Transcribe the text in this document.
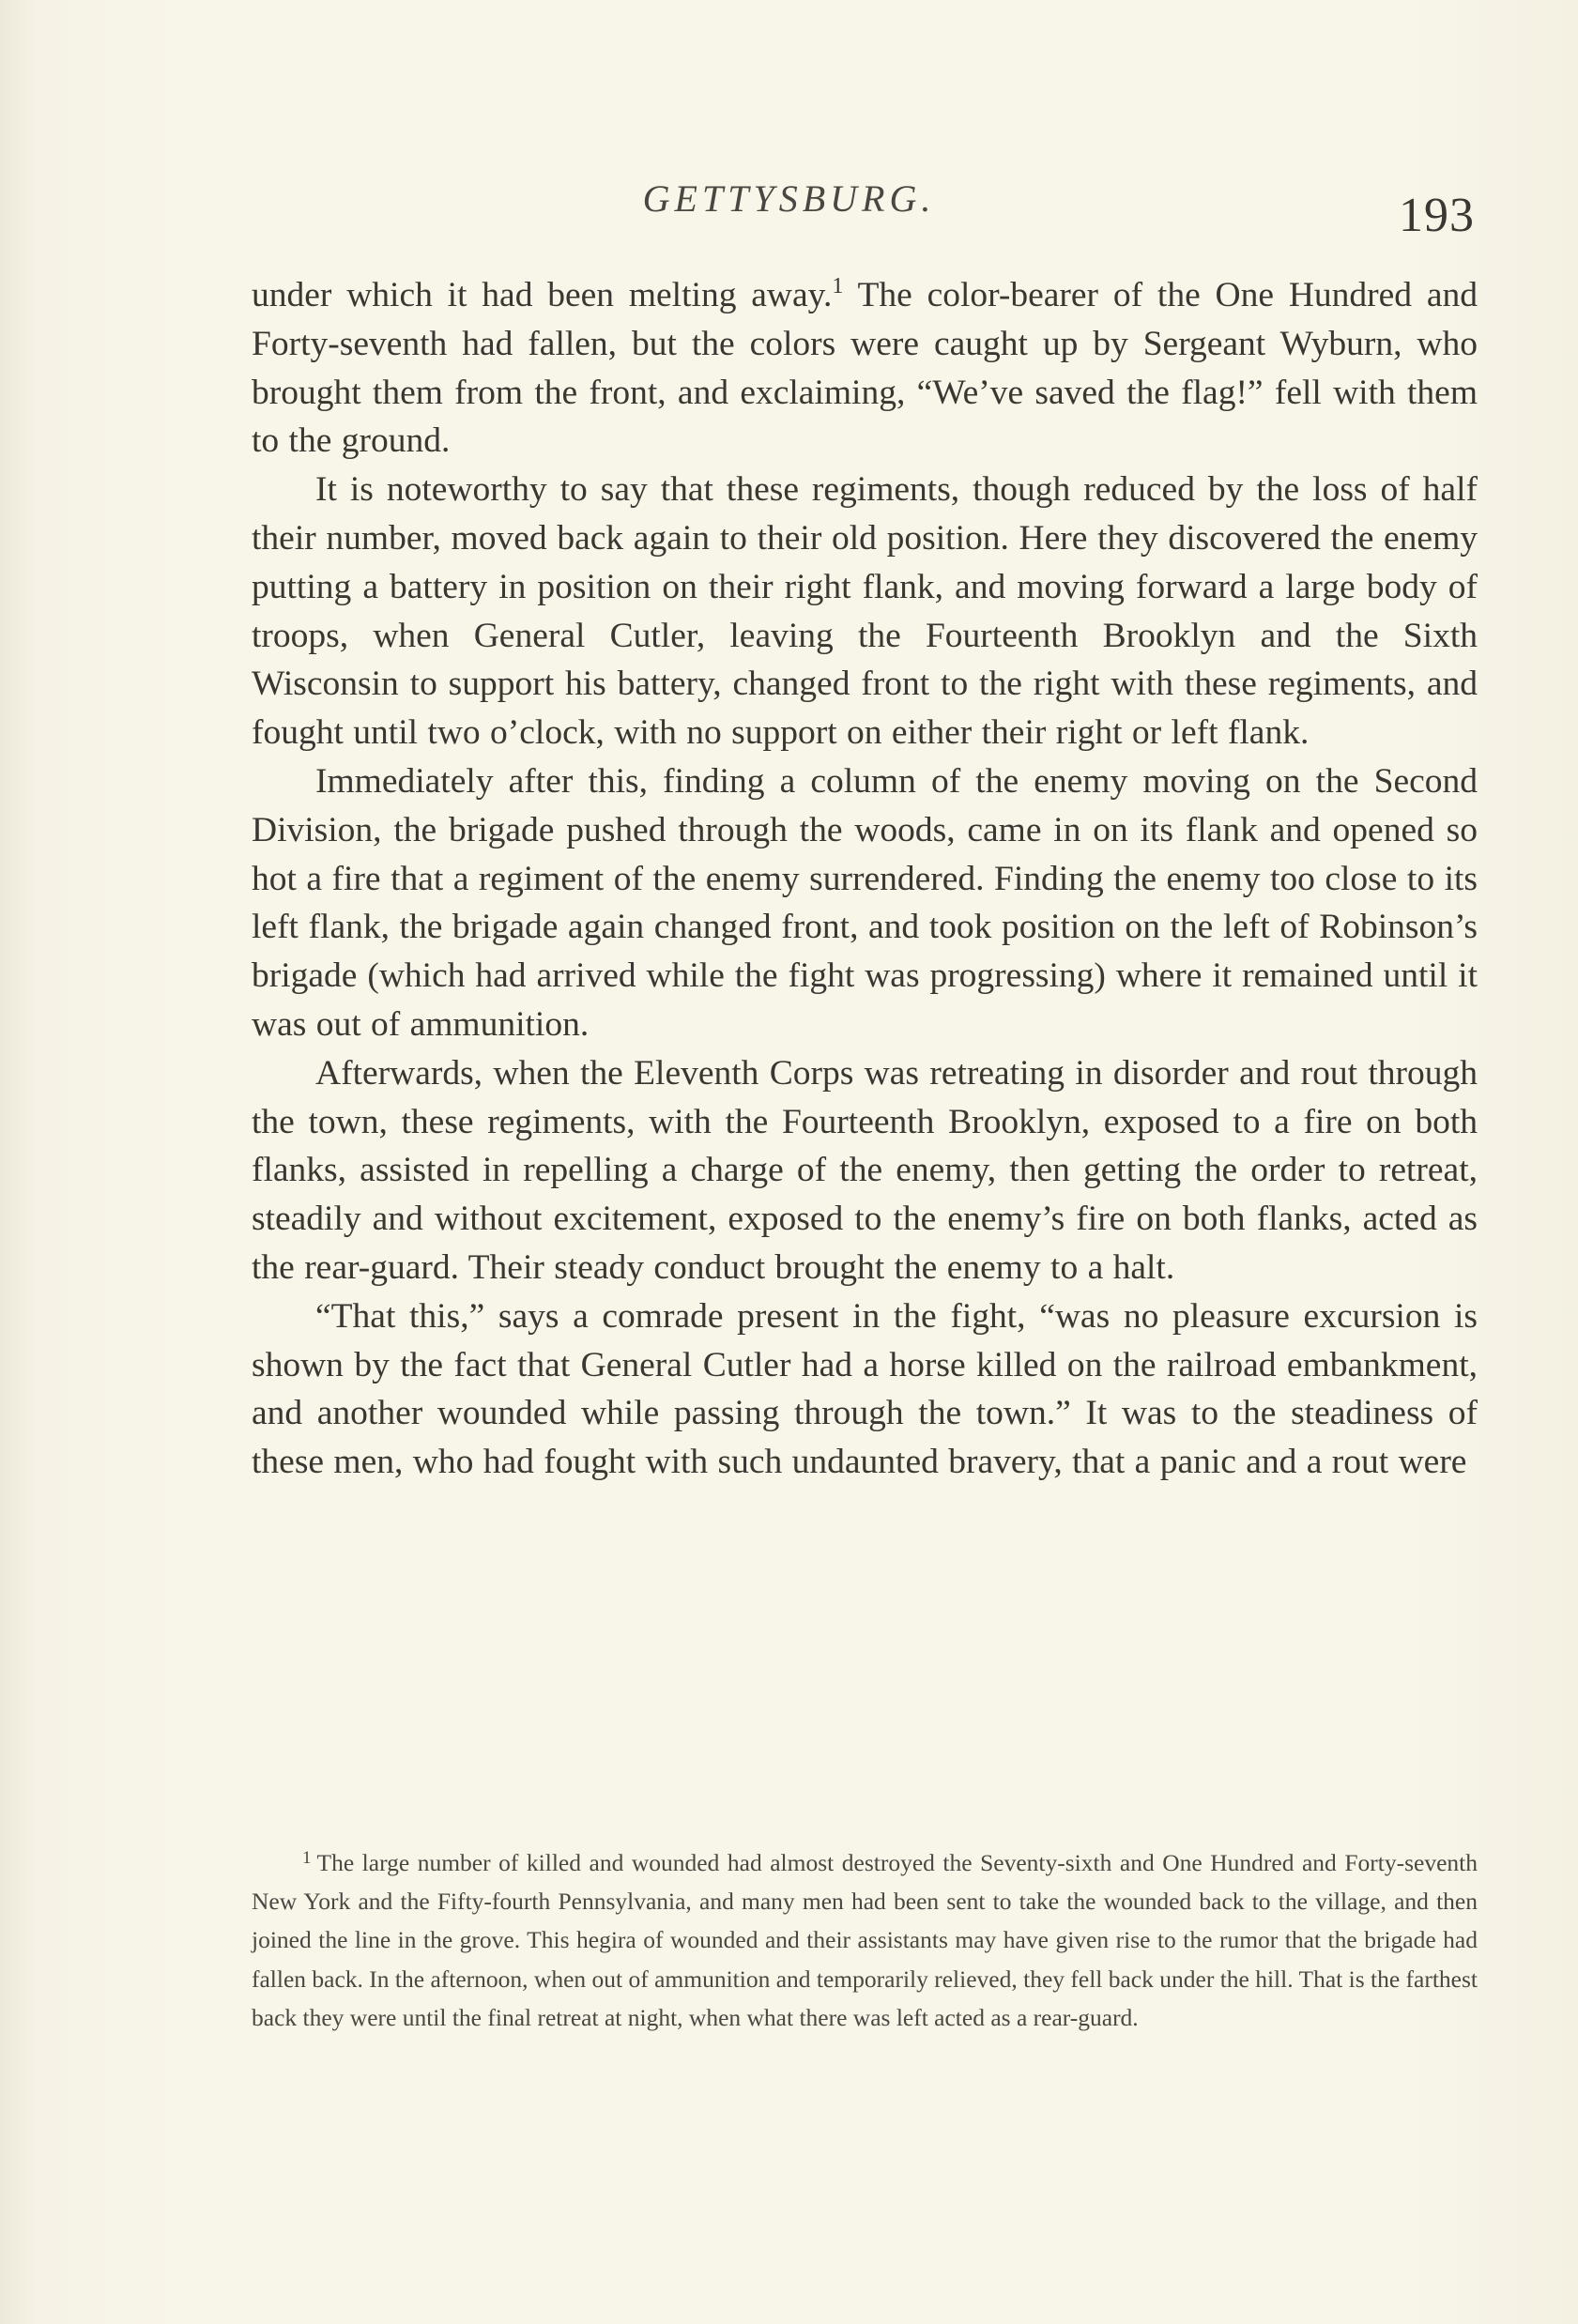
GETTYSBURG.	193

under which it had been melting away.$^1$ The color-bearer of the One Hundred and Forty-seventh had fallen, but the colors were caught up by Sergeant Wyburn, who brought them from the front, and exclaiming, “We’ve saved the flag!” fell with them to the ground.

It is noteworthy to say that these regiments, though reduced by the loss of half their number, moved back again to their old position. Here they discovered the enemy putting a battery in position on their right flank, and moving forward a large body of troops, when General Cutler, leaving the Fourteenth Brooklyn and the Sixth Wisconsin to support his battery, changed front to the right with these regiments, and fought until two o’clock, with no support on either their right or left flank.

Immediately after this, finding a column of the enemy moving on the Second Division, the brigade pushed through the woods, came in on its flank and opened so hot a fire that a regiment of the enemy surrendered. Finding the enemy too close to its left flank, the brigade again changed front, and took position on the left of Robinson’s brigade (which had arrived while the fight was progressing) where it remained until it was out of ammunition.

Afterwards, when the Eleventh Corps was retreating in disorder and rout through the town, these regiments, with the Fourteenth Brooklyn, exposed to a fire on both flanks, assisted in repelling a charge of the enemy, then getting the order to retreat, steadily and without excitement, exposed to the enemy’s fire on both flanks, acted as the rear-guard. Their steady conduct brought the enemy to a halt.

“That this,” says a comrade present in the fight, “was no pleasure excursion is shown by the fact that General Cutler had a horse killed on the railroad embankment, and another wounded while passing through the town.” It was to the steadiness of these men, who had fought with such undaunted bravery, that a panic and a rout were

$^1$ The large number of killed and wounded had almost destroyed the Seventy-sixth and One Hundred and Forty-seventh New York and the Fifty-fourth Pennsylvania, and many men had been sent to take the wounded back to the village, and then joined the line in the grove. This hegira of wounded and their assistants may have given rise to the rumor that the brigade had fallen back. In the afternoon, when out of ammunition and temporarily relieved, they fell back under the hill. That is the farthest back they were until the final retreat at night, when what there was left acted as a rear-guard.
